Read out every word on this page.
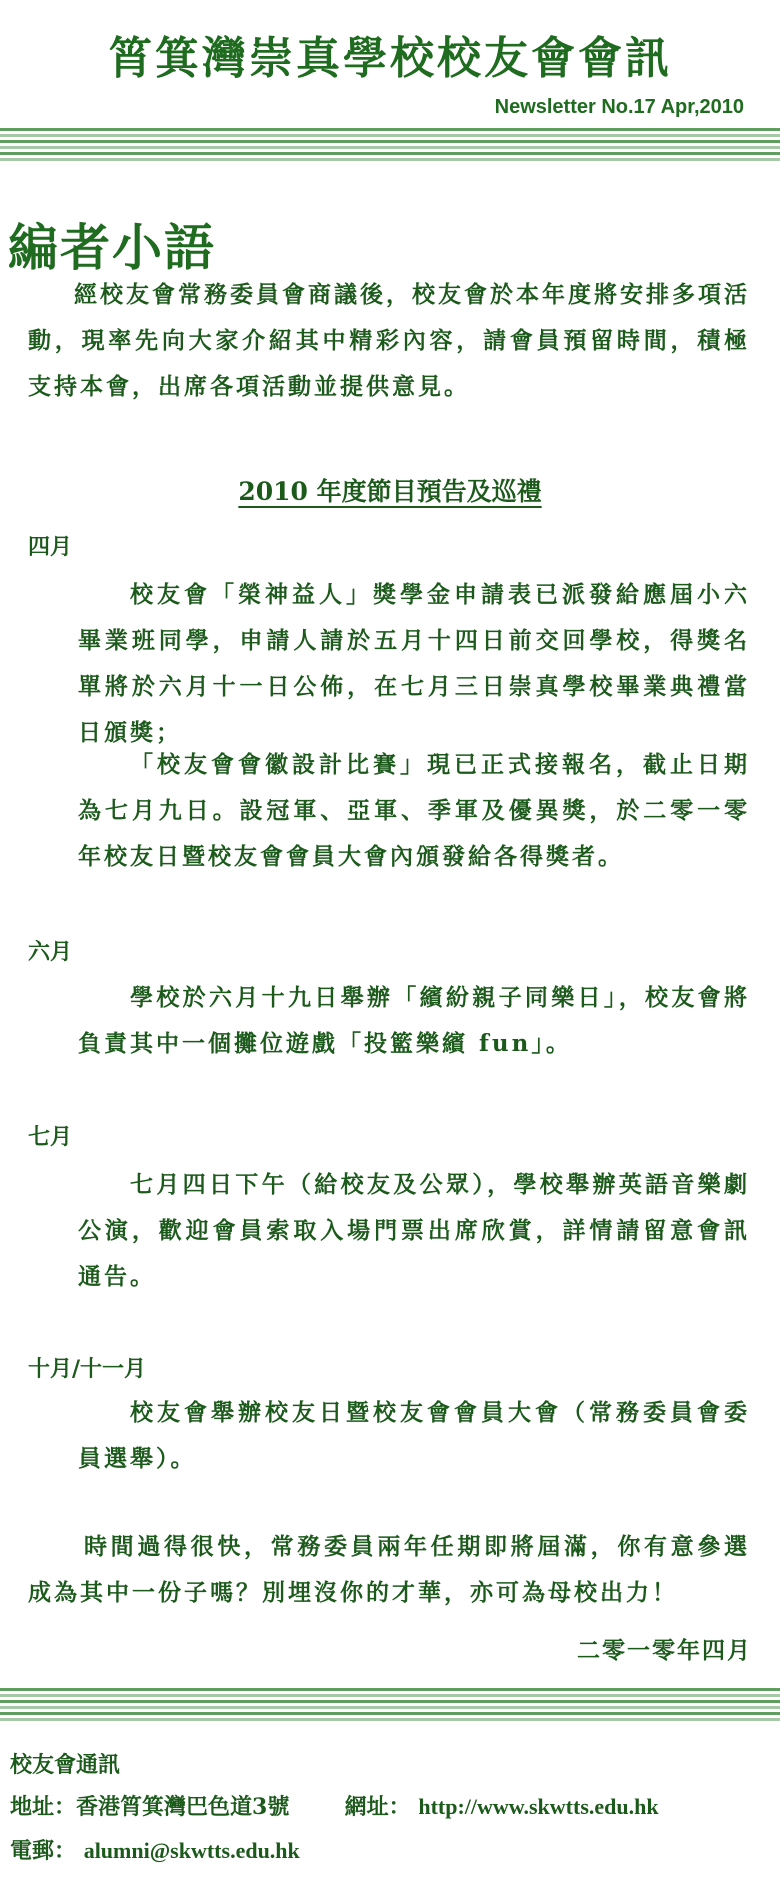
筲箕灣崇真學校校友會會訊
Newsletter No.17 Apr,2010
編者小語
經校友會常務委員會商議後，校友會於本年度將安排多項活動，現率先向大家介紹其中精彩內容，請會員預留時間，積極支持本會，出席各項活動並提供意見。
2010 年度節目預告及巡禮
四月
校友會「榮神益人」獎學金申請表已派發給應屆小六畢業班同學，申請人請於五月十四日前交回學校，得獎名單將於六月十一日公佈，在七月三日崇真學校畢業典禮當日頒獎；
「校友會會徽設計比賽」現已正式接報名，截止日期為七月九日。設冠軍、亞軍、季軍及優異獎，於二零一零年校友日暨校友會會員大會內頒發給各得獎者。
六月
學校於六月十九日舉辦「繽紛親子同樂日」，校友會將負責其中一個攤位遊戲「投籃樂繽 fun」。
七月
七月四日下午（給校友及公眾），學校舉辦英語音樂劇公演，歡迎會員索取入場門票出席欣賞，詳情請留意會訊通告。
十月/十一月
校友會舉辦校友日暨校友會會員大會（常務委員會委員選舉）。
時間過得很快，常務委員兩年任期即將屆滿，你有意參選成為其中一份子嗎？別埋沒你的才華，亦可為母校出力！
二零一零年四月
校友會通訊
地址：香港筲箕灣巴色道3號	網址： http://www.skwtts.edu.hk
電郵： alumni@skwtts.edu.hk
